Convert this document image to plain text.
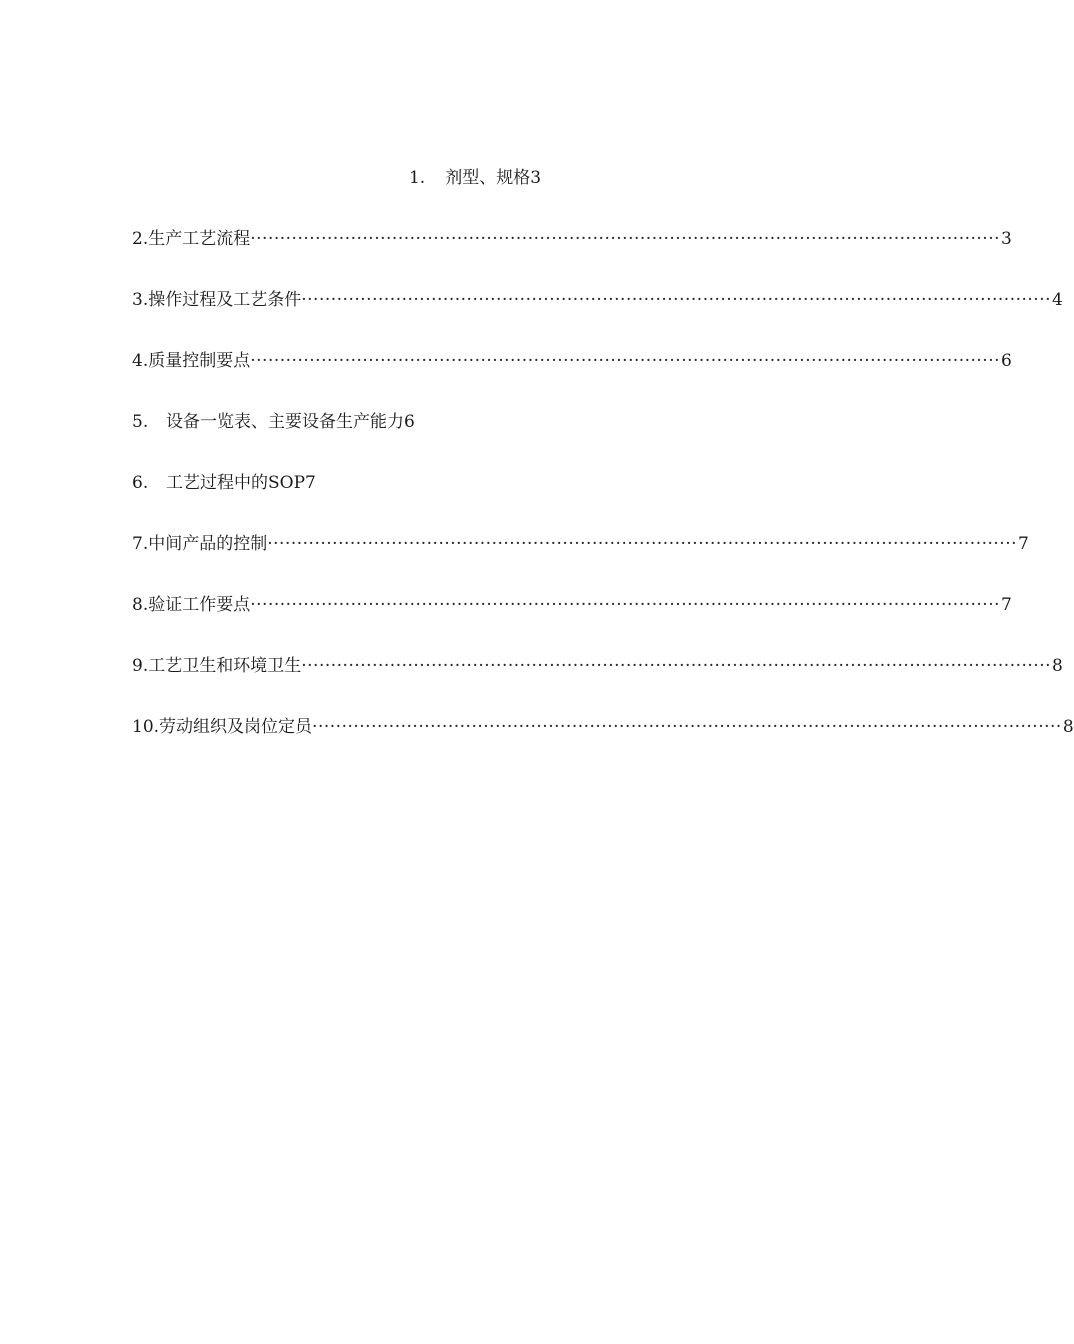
1. 剂型、规格 3
2. 生产工艺流程 ······························································································································· 3
3. 操作过程及工艺条件 ······························································································································· 4
4. 质量控制要点 ······························································································································· 6
5.	设备一览表、主要设备生产能力 6
6.	工艺过程中的SOP 7
7. 中间产品的控制 ······························································································································· 7
8. 验证工作要点 ······························································································································· 7
9. 工艺卫生和环境卫生 ······························································································································· 8
10. 劳动组织及岗位定员 ······························································································································· 8
